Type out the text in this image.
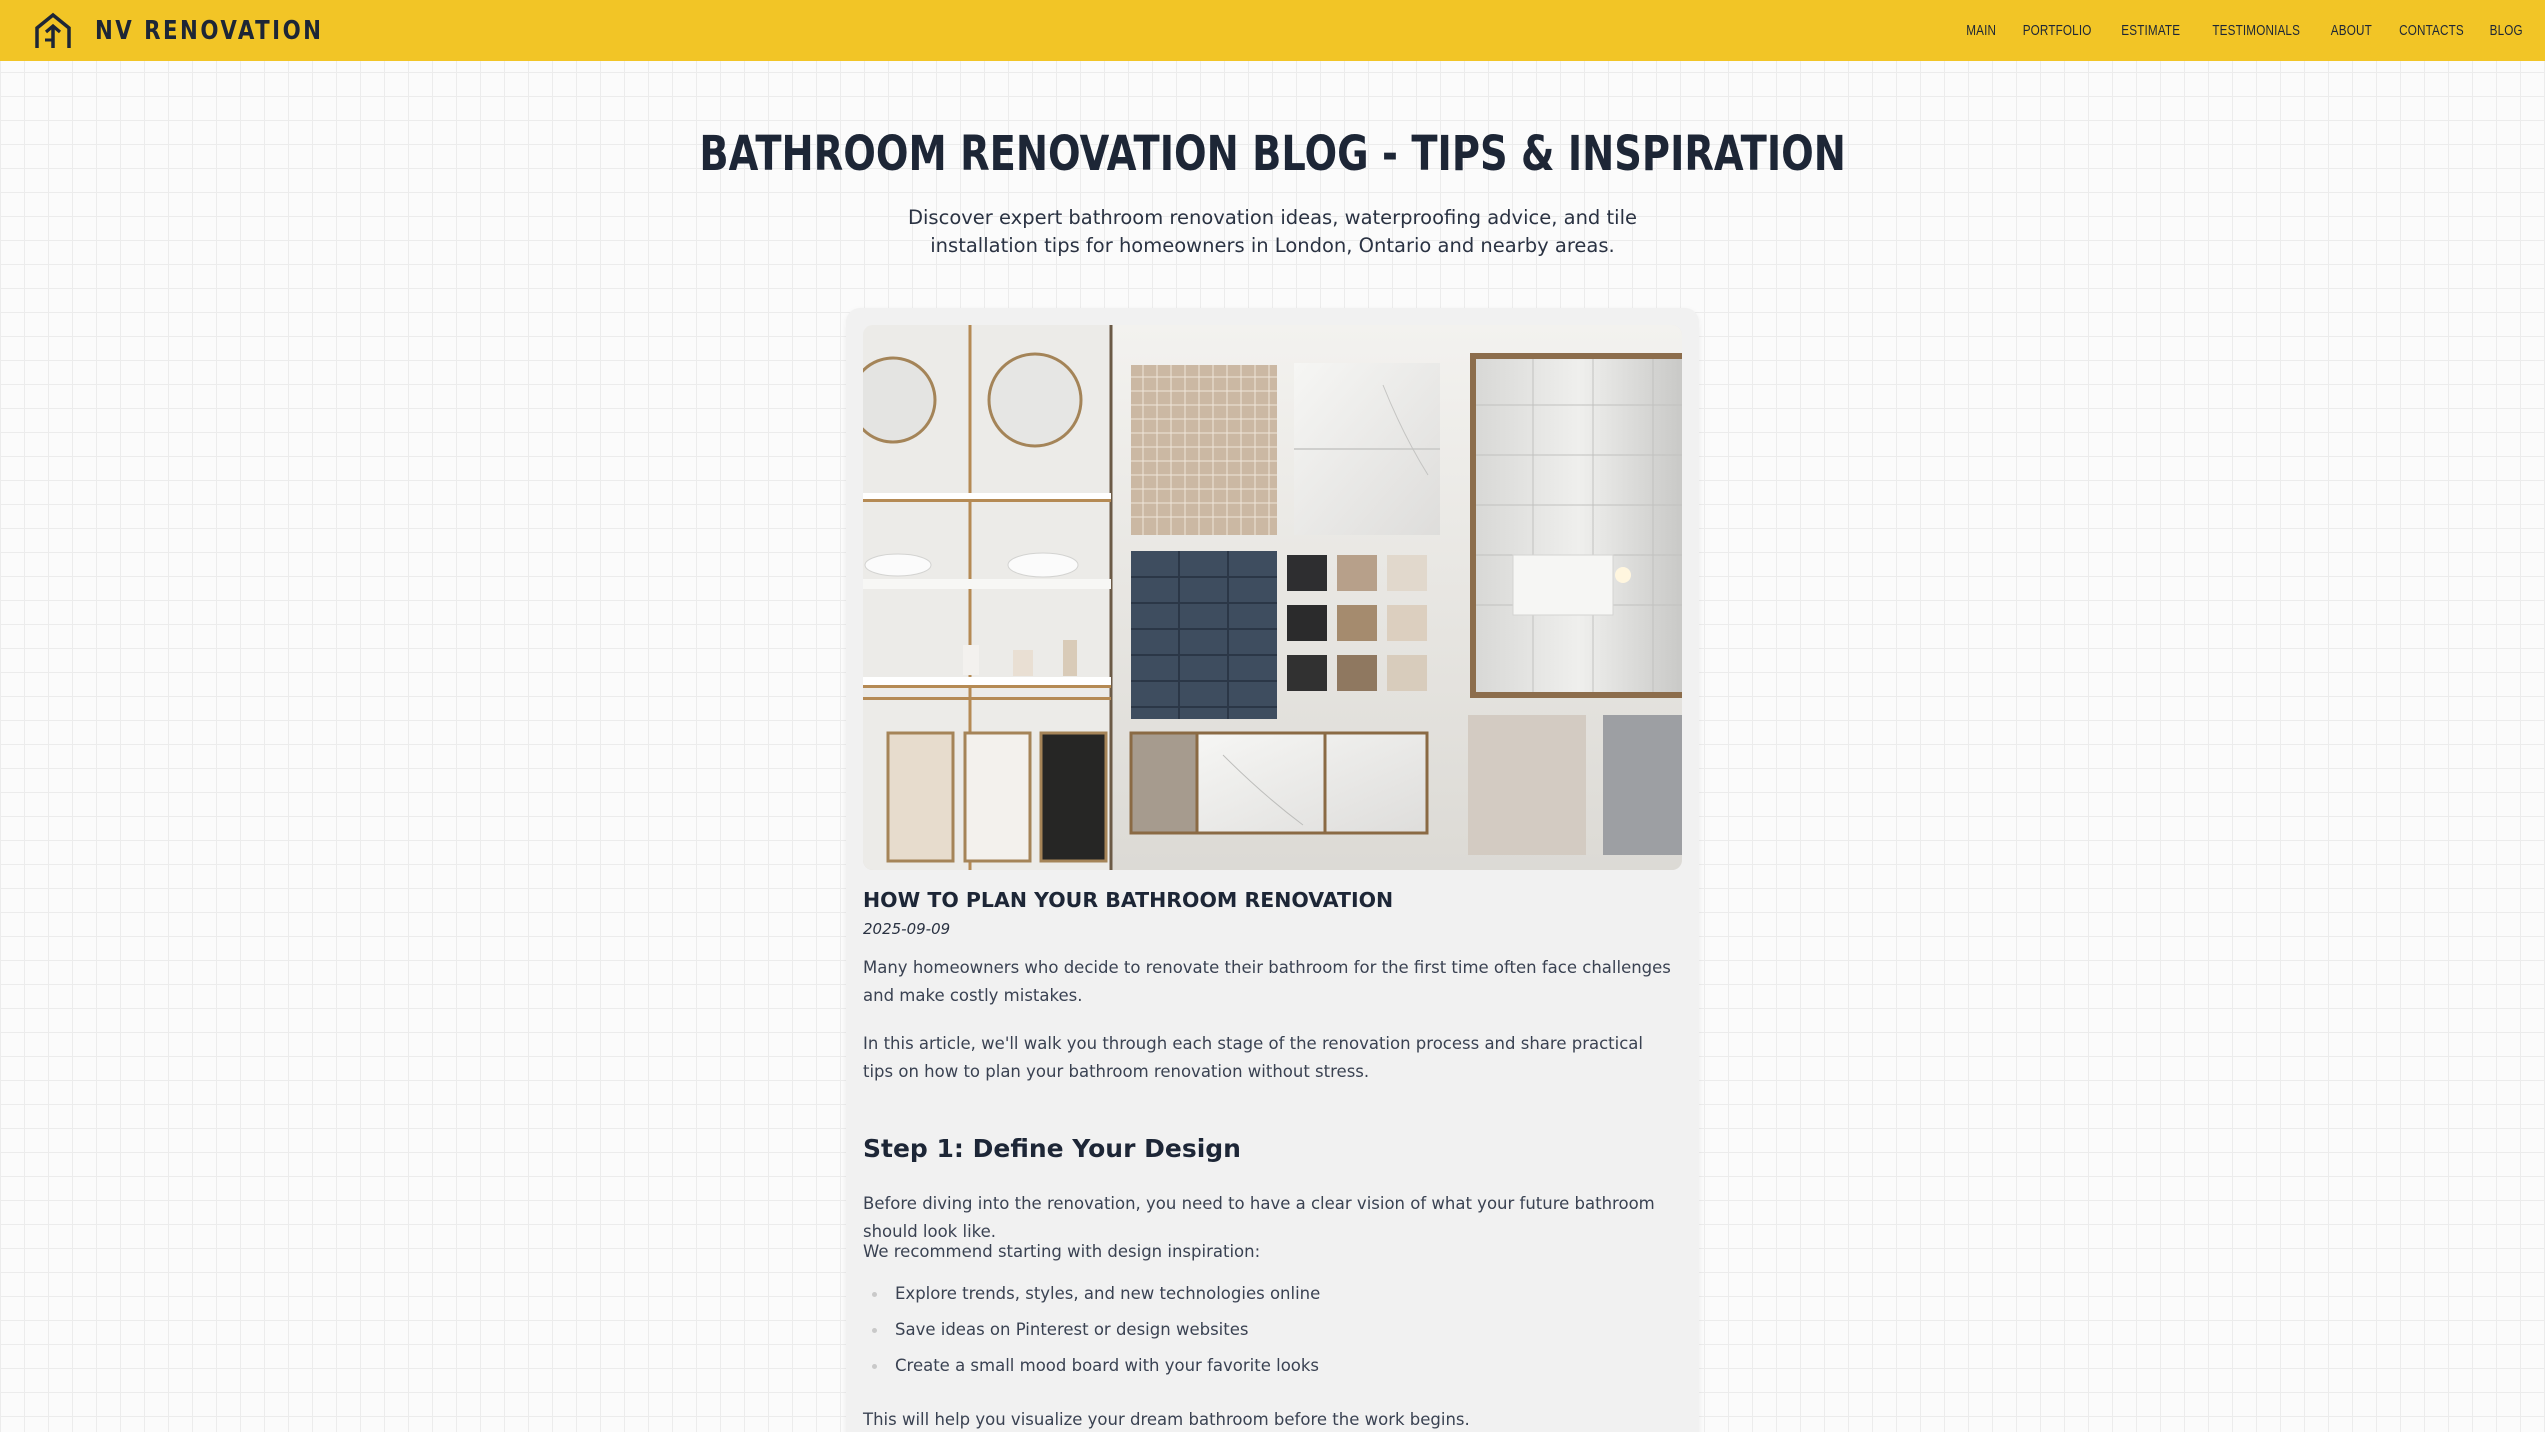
NV RENOVATION	MAIN PORTFOLIO ESTIMATE TESTIMONIALS ABOUT CONTACTS BLOG
BATHROOM RENOVATION BLOG - TIPS & INSPIRATION

Discover expert bathroom renovation ideas, waterproofing advice, and tile installation tips for homeowners in London, Ontario and nearby areas.

HOW TO PLAN YOUR BATHROOM RENOVATION
2025-09-09

Many homeowners who decide to renovate their bathroom for the first time often face challenges and make costly mistakes.

In this article, we'll walk you through each stage of the renovation process and share practical tips on how to plan your bathroom renovation without stress.

Step 1: Define Your Design

Before diving into the renovation, you need to have a clear vision of what your future bathroom should look like.

We recommend starting with design inspiration:

Explore trends, styles, and new technologies online
Save ideas on Pinterest or design websites
Create a small mood board with your favorite looks

This will help you visualize your dream bathroom before the work begins.
